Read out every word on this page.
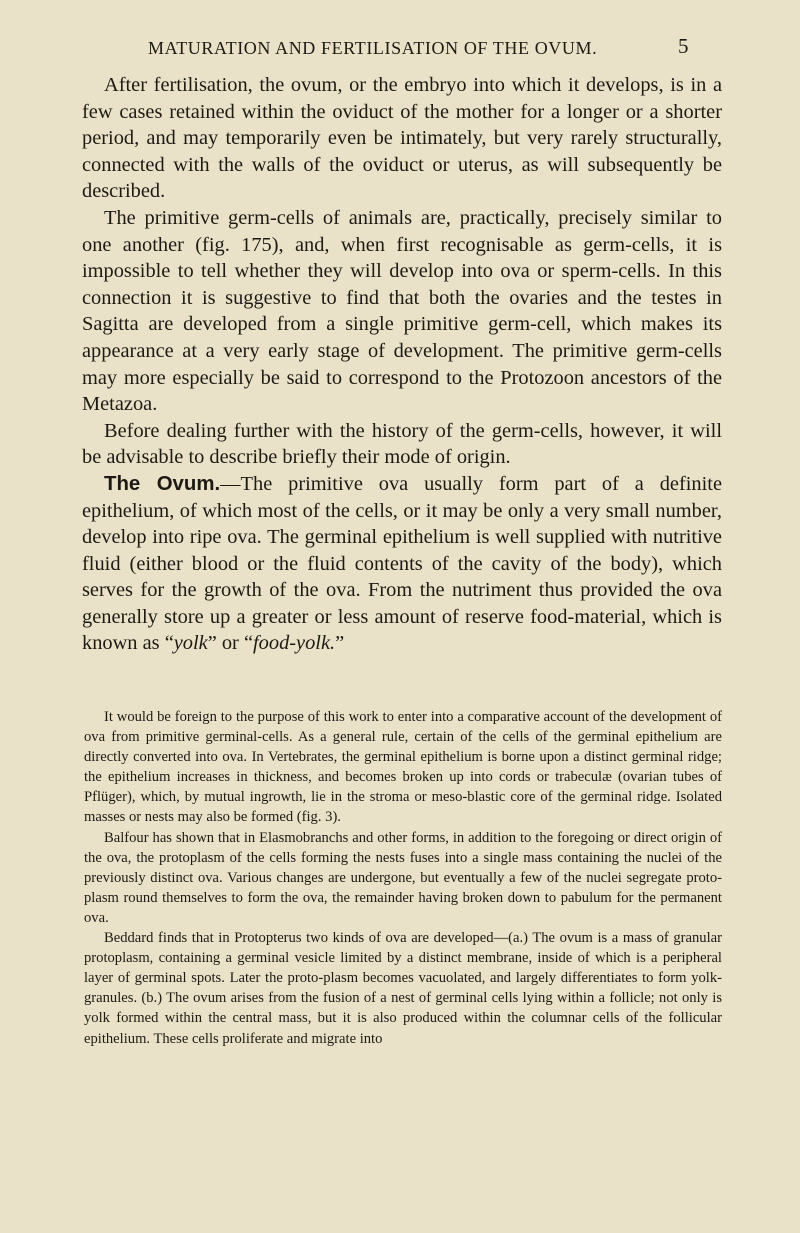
MATURATION AND FERTILISATION OF THE OVUM.	5

After fertilisation, the ovum, or the embryo into which it develops, is in a few cases retained within the oviduct of the mother for a longer or a shorter period, and may temporarily even be intimately, but very rarely structurally, connected with the walls of the oviduct or uterus, as will subsequently be described.

The primitive germ-cells of animals are, practically, precisely similar to one another (fig. 175), and, when first recognisable as germ-cells, it is impossible to tell whether they will develop into ova or sperm-cells. In this connection it is suggestive to find that both the ovaries and the testes in Sagitta are developed from a single primitive germ-cell, which makes its appearance at a very early stage of development. The primitive germ-cells may more especially be said to correspond to the Protozoon ancestors of the Metazoa.

Before dealing further with the history of the germ-cells, however, it will be advisable to describe briefly their mode of origin.

The Ovum.—The primitive ova usually form part of a definite epithelium, of which most of the cells, or it may be only a very small number, develop into ripe ova. The germinal epithelium is well supplied with nutritive fluid (either blood or the fluid contents of the cavity of the body), which serves for the growth of the ova. From the nutriment thus provided the ova generally store up a greater or less amount of reserve food-material, which is known as “yolk” or “food-yolk.”

It would be foreign to the purpose of this work to enter into a comparative account of the development of ova from primitive germinal-cells. As a general rule, certain of the cells of the germinal epithelium are directly converted into ova. In Vertebrates, the germinal epithelium is borne upon a distinct germinal ridge; the epithelium increases in thickness, and becomes broken up into cords or trabeculæ (ovarian tubes of Pflüger), which, by mutual ingrowth, lie in the stroma or meso-blastic core of the germinal ridge. Isolated masses or nests may also be formed (fig. 3).

Balfour has shown that in Elasmobranchs and other forms, in addition to the foregoing or direct origin of the ova, the protoplasm of the cells forming the nests fuses into a single mass containing the nuclei of the previously distinct ova. Various changes are undergone, but eventually a few of the nuclei segregate proto-plasm round themselves to form the ova, the remainder having broken down to pabulum for the permanent ova.

Beddard finds that in Protopterus two kinds of ova are developed—(a.) The ovum is a mass of granular protoplasm, containing a germinal vesicle limited by a distinct membrane, inside of which is a peripheral layer of germinal spots. Later the proto-plasm becomes vacuolated, and largely differentiates to form yolk-granules. (b.) The ovum arises from the fusion of a nest of germinal cells lying within a follicle; not only is yolk formed within the central mass, but it is also produced within the columnar cells of the follicular epithelium. These cells proliferate and migrate into
